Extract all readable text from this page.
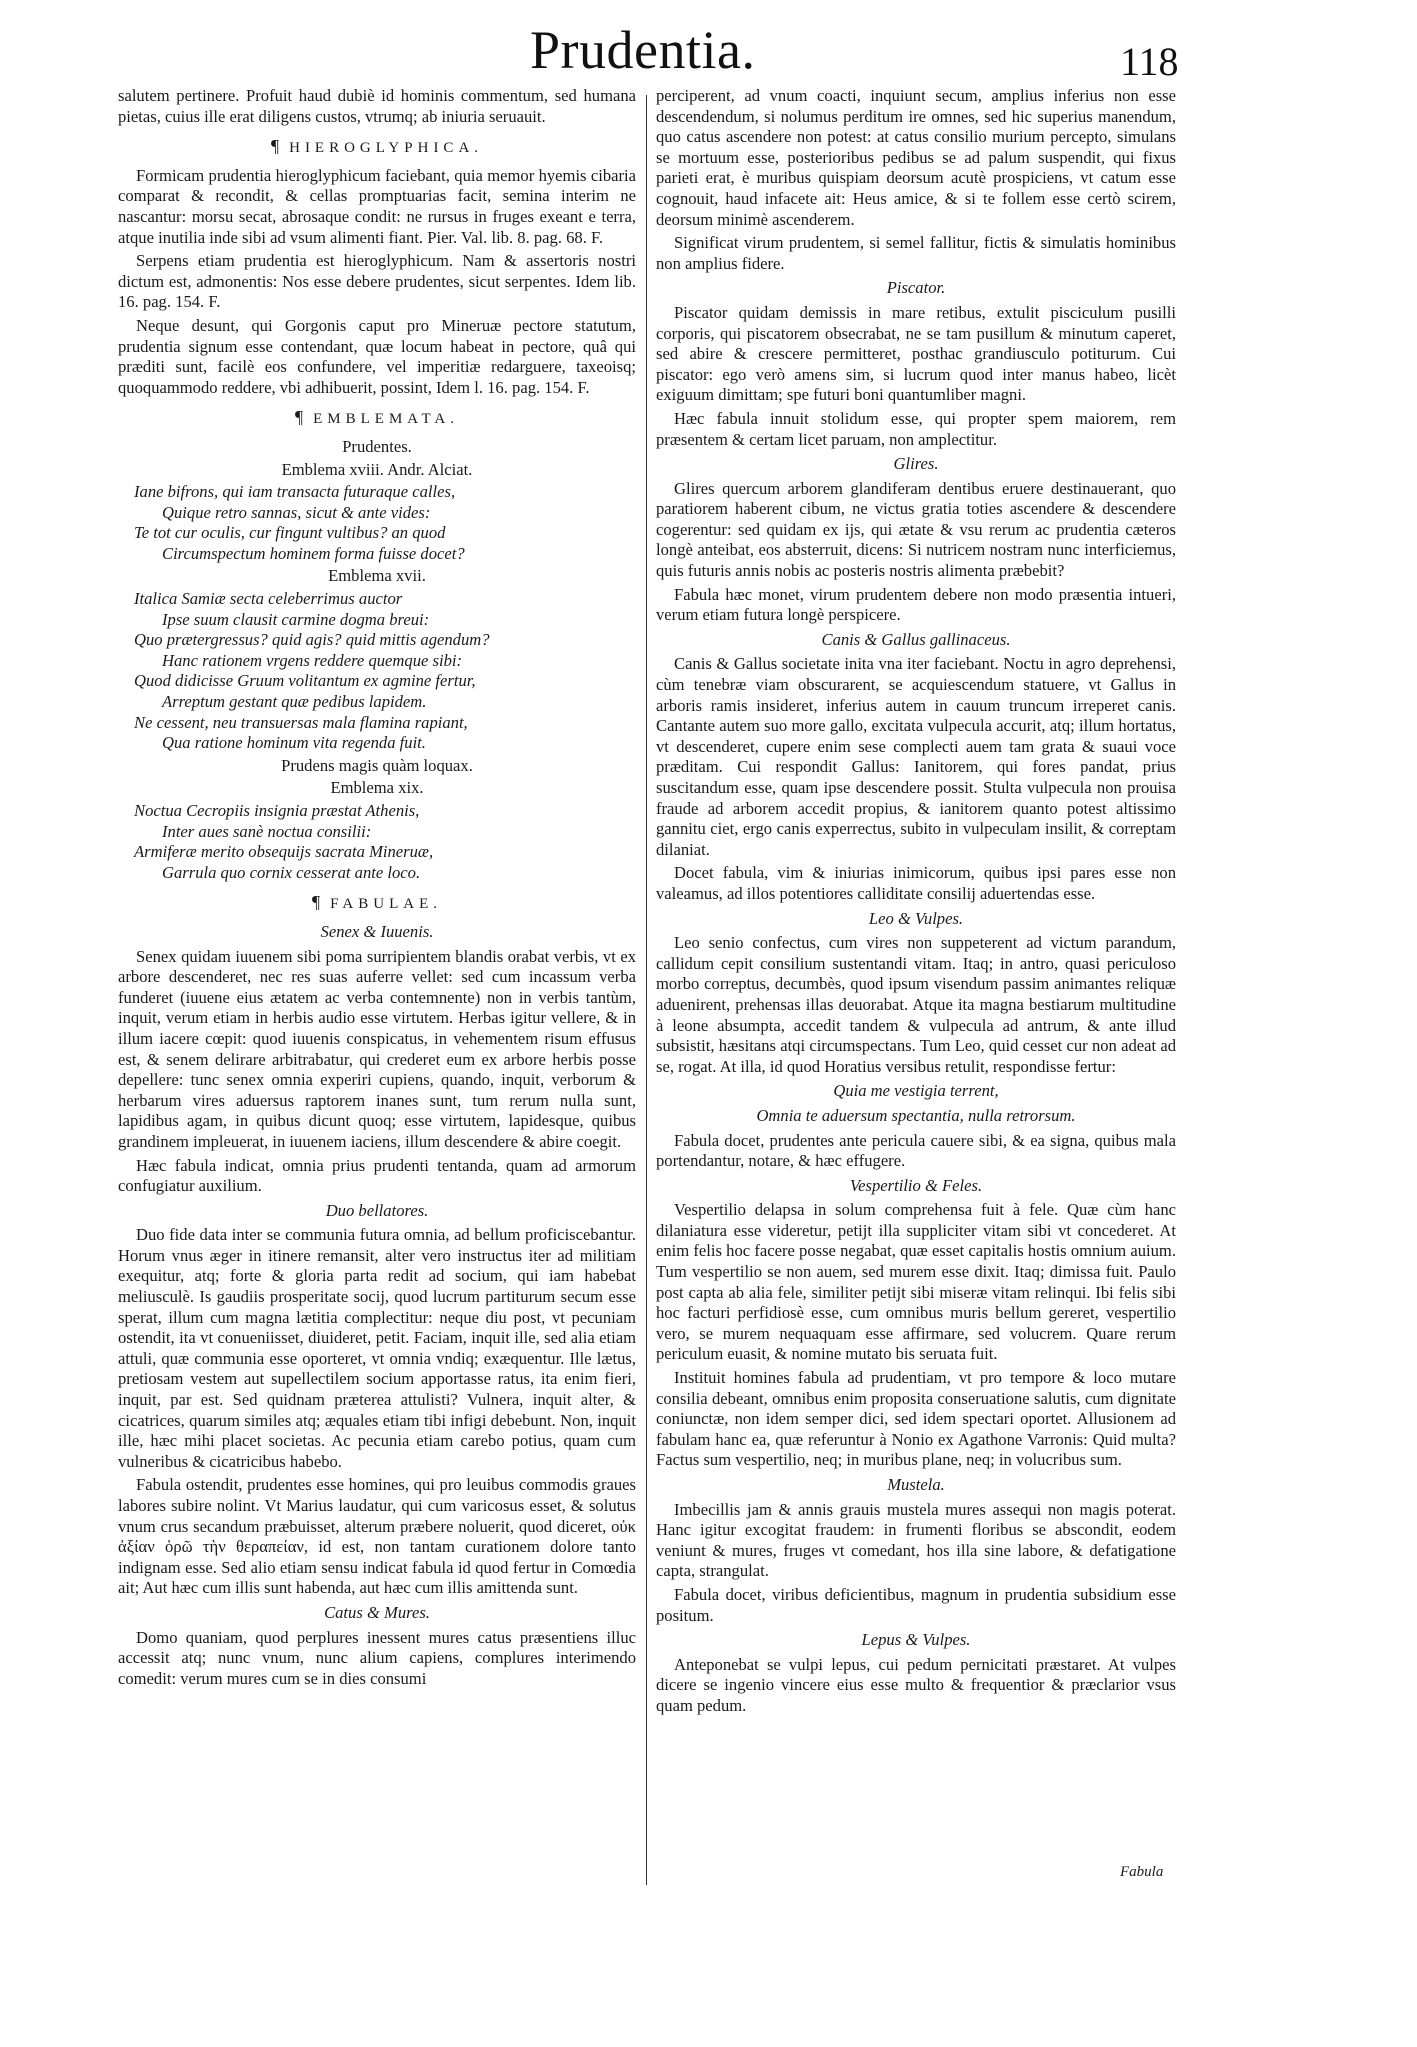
Prudentia.	118

salutem pertinere. Profuit haud dubiè id hominis commentum, sed humana pietas, cuius ille erat diligens custos, vtrumq; ab iniuria seruauit.

¶ HIEROGLYPHICA.

Formicam prudentia hieroglyphicum faciebant, quia memor hyemis cibaria comparat & recondit, & cellas promptuarias facit, semina interim ne nascantur: morsu secat, abrosaque condit: ne rursus in fruges exeant e terra, atque inutilia inde sibi ad vsum alimenti fiant. Pier. Val. lib. 8. pag. 68. F.

Serpens etiam prudentia est hieroglyphicum. Nam & assertoris nostri dictum est, admonentis: Nos esse debere prudentes, sicut serpentes. Idem lib. 16. pag. 154. F.

Neque desunt, qui Gorgonis caput pro Mineruæ pectore statutum, prudentia signum esse contendant, quæ locum habeat in pectore, quâ qui præditi sunt, facilè eos confundere, vel imperitiæ redarguere, taxeoisq; quoquammodo reddere, vbi adhibuerit, possint, Idem l. 16. pag. 154. F.

¶ EMBLEMATA.
Prudentes.
Emblema xviii. Andr. Alciat.
Iane bifrons, qui iam transacta futuraque calles,
Quique retro sannas, sicut & ante vides:
Te tot cur oculis, cur fingunt vultibus? an quod
Circumspectum hominem forma fuisse docet?
Emblema xvii.
Italica Samiæ secta celeberrimus auctor
Ipse suum clausit carmine dogma breui:
Quo prætergressus? quid agis? quid mittis agendum?
Hanc rationem vrgens reddere quemque sibi:
Quod didicisse Gruum volitantum ex agmine fertur,
Arreptum gestant quæ pedibus lapidem.
Ne cessent, neu transuersas mala flamina rapiant,
Qua ratione hominum vita regenda fuit.
Prudens magis quàm loquax.
Emblema xix.
Noctua Cecropiis insignia præstat Athenis,
Inter aues sanè noctua consilii:
Armiferæ merito obsequijs sacrata Mineruæ,
Garrula quo cornix cesserat ante loco.
¶ FABULAE.
Senex & Iuuenis.

Senex quidam iuuenem sibi poma surripientem blandis orabat verbis, vt ex arbore descenderet, nec res suas auferre vellet: sed cum incassum verba funderet (iuuene eius ætatem ac verba contemnente) non in verbis tantùm, inquit, verum etiam in herbis audio esse virtutem. Herbas igitur vellere, & in illum iacere cœpit: quod iuuenis conspicatus, in vehementem risum effusus est, & senem delirare arbitrabatur, qui crederet eum ex arbore herbis posse depellere: tunc senex omnia experiri cupiens, quando, inquit, verborum & herbarum vires aduersus raptorem inanes sunt, tum rerum nulla sunt, lapidibus agam, in quibus dicunt quoq; esse virtutem, lapidesque, quibus grandinem impleuerat, in iuuenem iaciens, illum descendere & abire coegit.

Hæc fabula indicat, omnia prius prudenti tentanda, quam ad armorum confugiatur auxilium.

Duo bellatores.

Duo fide data inter se communia futura omnia, ad bellum proficiscebantur. Horum vnus æger in itinere remansit, alter vero instructus iter ad militiam exequitur, atq; forte & gloria parta redit ad socium, qui iam habebat meliusculè. Is gaudiis prosperitate socij, quod lucrum partiturum secum esse sperat, illum cum magna lætitia complectitur: neque diu post, vt pecuniam ostendit, ita vt conueniisset, diuideret, petit. Faciam, inquit ille, sed alia etiam attuli, quæ communia esse oporteret, vt omnia vndiq; exæquentur. Ille lætus, pretiosam vestem aut supellectilem socium apportasse ratus, ita enim fieri, inquit, par est. Sed quidnam præterea attulisti? Vulnera, inquit alter, & cicatrices, quarum similes atq; æquales etiam tibi infigi debebunt. Non, inquit ille, hæc mihi placet societas. Ac pecunia etiam carebo potius, quam cum vulneribus & cicatricibus habebo.

Fabula ostendit, prudentes esse homines, qui pro leuibus commodis graues labores subire nolint. Vt Marius laudatur, qui cum varicosus esset, & solutus vnum crus secandum præbuisset, alterum præbere noluerit, quod diceret, οὐκ ἀξίαν ὁρῶ τὴν θεραπείαν, id est, non tantam curationem dolore tanto indignam esse. Sed alio etiam sensu indicat fabula id quod fertur in Comœdia ait; Aut hæc cum illis sunt habenda, aut hæc cum illis amittenda sunt.

Catus & Mures.

Domo quaniam, quod perplures inessent mures catus præsentiens illuc accessit atq; nunc vnum, nunc alium capiens, complures interimendo comedit: verum mures cum se in dies consumi

perciperent, ad vnum coacti, inquiunt secum, amplius inferius non esse descendendum, si nolumus perditum ire omnes, sed hic superius manendum, quo catus ascendere non potest: at catus consilio murium percepto, simulans se mortuum esse, posterioribus pedibus se ad palum suspendit, qui fixus parieti erat, è muribus quispiam deorsum acutè prospiciens, vt catum esse cognouit, haud infacete ait: Heus amice, & si te follem esse certò scirem, deorsum minimè ascenderem.

Significat virum prudentem, si semel fallitur, fictis & simulatis hominibus non amplius fidere.

Piscator.

Piscator quidam demissis in mare retibus, extulit pisciculum pusilli corporis, qui piscatorem obsecrabat, ne se tam pusillum & minutum caperet, sed abire & crescere permitteret, posthac grandiusculo potiturum. Cui piscator: ego verò amens sim, si lucrum quod inter manus habeo, licèt exiguum dimittam; spe futuri boni quantumliber magni.

Hæc fabula innuit stolidum esse, qui propter spem maiorem, rem præsentem & certam licet paruam, non amplectitur.

Glires.

Glires quercum arborem glandiferam dentibus eruere destinauerant, quo paratiorem haberent cibum, ne victus gratia toties ascendere & descendere cogerentur: sed quidam ex ijs, qui ætate & vsu rerum ac prudentia cæteros longè anteibat, eos absterruit, dicens: Si nutricem nostram nunc interficiemus, quis futuris annis nobis ac posteris nostris alimenta præbebit?

Fabula hæc monet, virum prudentem debere non modo præsentia intueri, verum etiam futura longè perspicere.

Canis & Gallus gallinaceus.

Canis & Gallus societate inita vna iter faciebant. Noctu in agro deprehensi, cùm tenebræ viam obscurarent, se acquiescendum statuere, vt Gallus in arboris ramis insideret, inferius autem in cauum truncum irreperet canis. Cantante autem suo more gallo, excitata vulpecula accurit, atq; illum hortatus, vt descenderet, cupere enim sese complecti auem tam grata & suaui voce præditam. Cui respondit Gallus: Ianitorem, qui fores pandat, prius suscitandum esse, quam ipse descendere possit. Stulta vulpecula non prouisa fraude ad arborem accedit propius, & ianitorem quanto potest altissimo gannitu ciet, ergo canis experrectus, subito in vulpeculam insilit, & correptam dilaniat.

Docet fabula, vim & iniurias inimicorum, quibus ipsi pares esse non valeamus, ad illos potentiores calliditate consilij aduertendas esse.

Leo & Vulpes.

Leo senio confectus, cum vires non suppeterent ad victum parandum, callidum cepit consilium sustentandi vitam. Itaq; in antro, quasi periculoso morbo correptus, decumbès, quod ipsum visendum passim animantes reliquæ aduenirent, prehensas illas deuorabat. Atque ita magna bestiarum multitudine à leone absumpta, accedit tandem & vulpecula ad antrum, & ante illud subsistit, hæsitans atqi circumspectans. Tum Leo, quid cesset cur non adeat ad se, rogat. At illa, id quod Horatius versibus retulit, respondisse fertur:

Quia me vestigia terrent,
Omnia te aduersum spectantia, nulla retrorsum.

Fabula docet, prudentes ante pericula cauere sibi, & ea signa, quibus mala portendantur, notare, & hæc effugere.

Vespertilio & Feles.

Vespertilio delapsa in solum comprehensa fuit à fele. Quæ cùm hanc dilaniatura esse videretur, petijt illa suppliciter vitam sibi vt concederet. At enim felis hoc facere posse negabat, quæ esset capitalis hostis omnium auium. Tum vespertilio se non auem, sed murem esse dixit. Itaq; dimissa fuit. Paulo post capta ab alia fele, similiter petijt sibi miseræ vitam relinqui. Ibi felis sibi hoc facturi perfidiosè esse, cum omnibus muris bellum gereret, vespertilio vero, se murem nequaquam esse affirmare, sed volucrem. Quare rerum periculum euasit, & nomine mutato bis seruata fuit.

Instituit homines fabula ad prudentiam, vt pro tempore & loco mutare consilia debeant, omnibus enim proposita conseruatione salutis, cum dignitate coniunctæ, non idem semper dici, sed idem spectari oportet. Allusionem ad fabulam hanc ea, quæ referuntur à Nonio ex Agathone Varronis: Quid multa? Factus sum vespertilio, neq; in muribus plane, neq; in volucribus sum.

Mustela.

Imbecillis jam & annis grauis mustela mures assequi non magis poterat. Hanc igitur excogitat fraudem: in frumenti floribus se abscondit, eodem veniunt & mures, fruges vt comedant, hos illa sine labore, & defatigatione capta, strangulat.

Fabula docet, viribus deficientibus, magnum in prudentia subsidium esse positum.

Lepus & Vulpes.

Anteponebat se vulpi lepus, cui pedum pernicitati præstaret. At vulpes dicere se ingenio vincere eius esse multo & frequentior & præclarior vsus quam pedum.

Fabula
